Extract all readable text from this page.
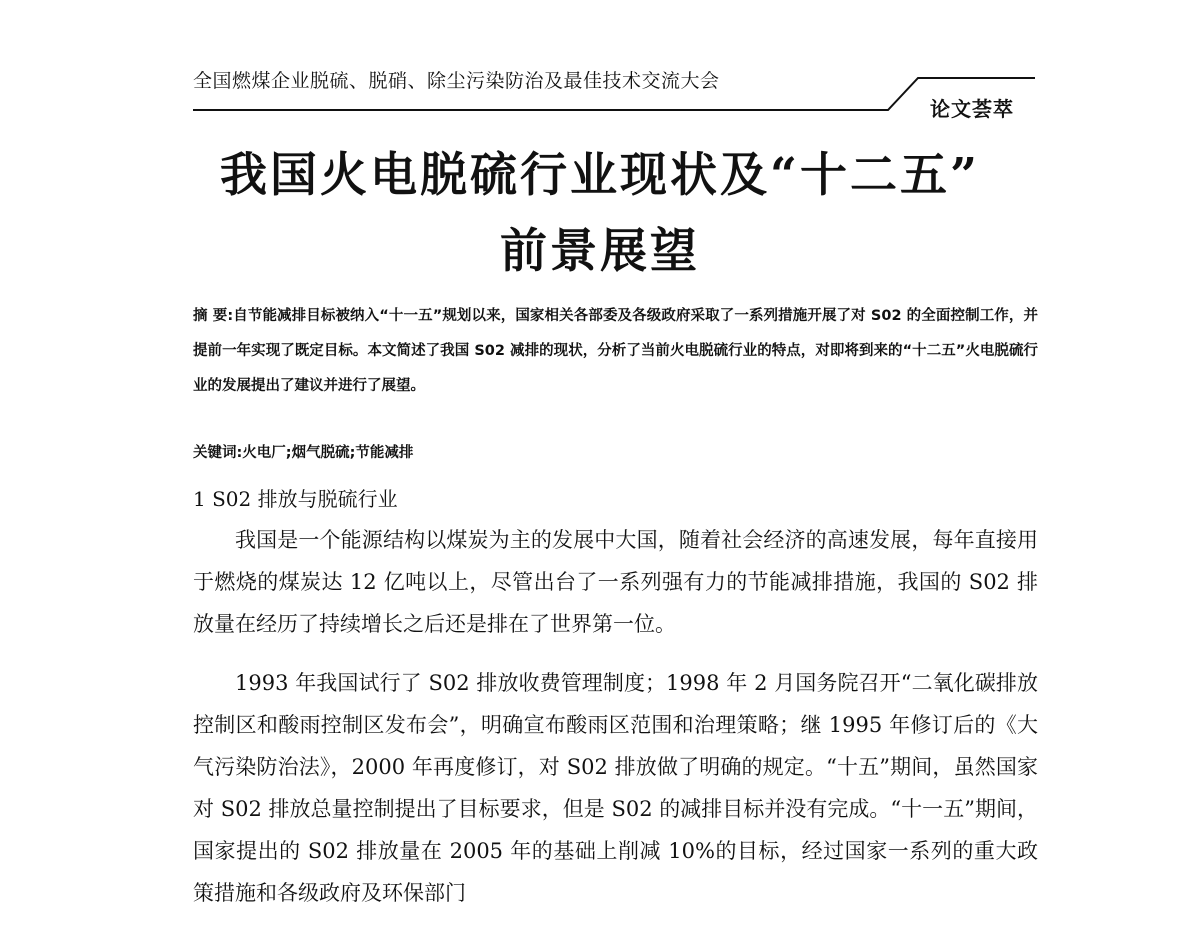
全国燃煤企业脱硫、脱硝、除尘污染防治及最佳技术交流大会
论文荟萃
我国火电脱硫行业现状及“十二五”
前景展望
摘 要:自节能减排目标被纳入“十一五”规划以来，国家相关各部委及各级政府采取了一系列措施开展了对 S02 的全面控制工作，并提前一年实现了既定目标。本文简述了我国 S02 减排的现状，分析了当前火电脱硫行业的特点，对即将到来的“十二五”火电脱硫行业的发展提出了建议并进行了展望。
关键词:火电厂;烟气脱硫;节能减排
1 S02 排放与脱硫行业

我国是一个能源结构以煤炭为主的发展中大国，随着社会经济的高速发展，每年直接用于燃烧的煤炭达 12 亿吨以上，尽管出台了一系列强有力的节能减排措施，我国的 S02 排放量在经历了持续增长之后还是排在了世界第一位。

1993 年我国试行了 S02 排放收费管理制度；1998 年 2 月国务院召开“二氧化碳排放控制区和酸雨控制区发布会”，明确宣布酸雨区范围和治理策略；继 1995 年修订后的《大气污染防治法》，2000 年再度修订，对 S02 排放做了明确的规定。“十五”期间，虽然国家对 S02 排放总量控制提出了目标要求，但是 S02 的减排目标并没有完成。“十一五”期间，国家提出的 S02 排放量在 2005 年的基础上削减 10%的目标，经过国家一系列的重大政策措施和各级政府及环保部门
